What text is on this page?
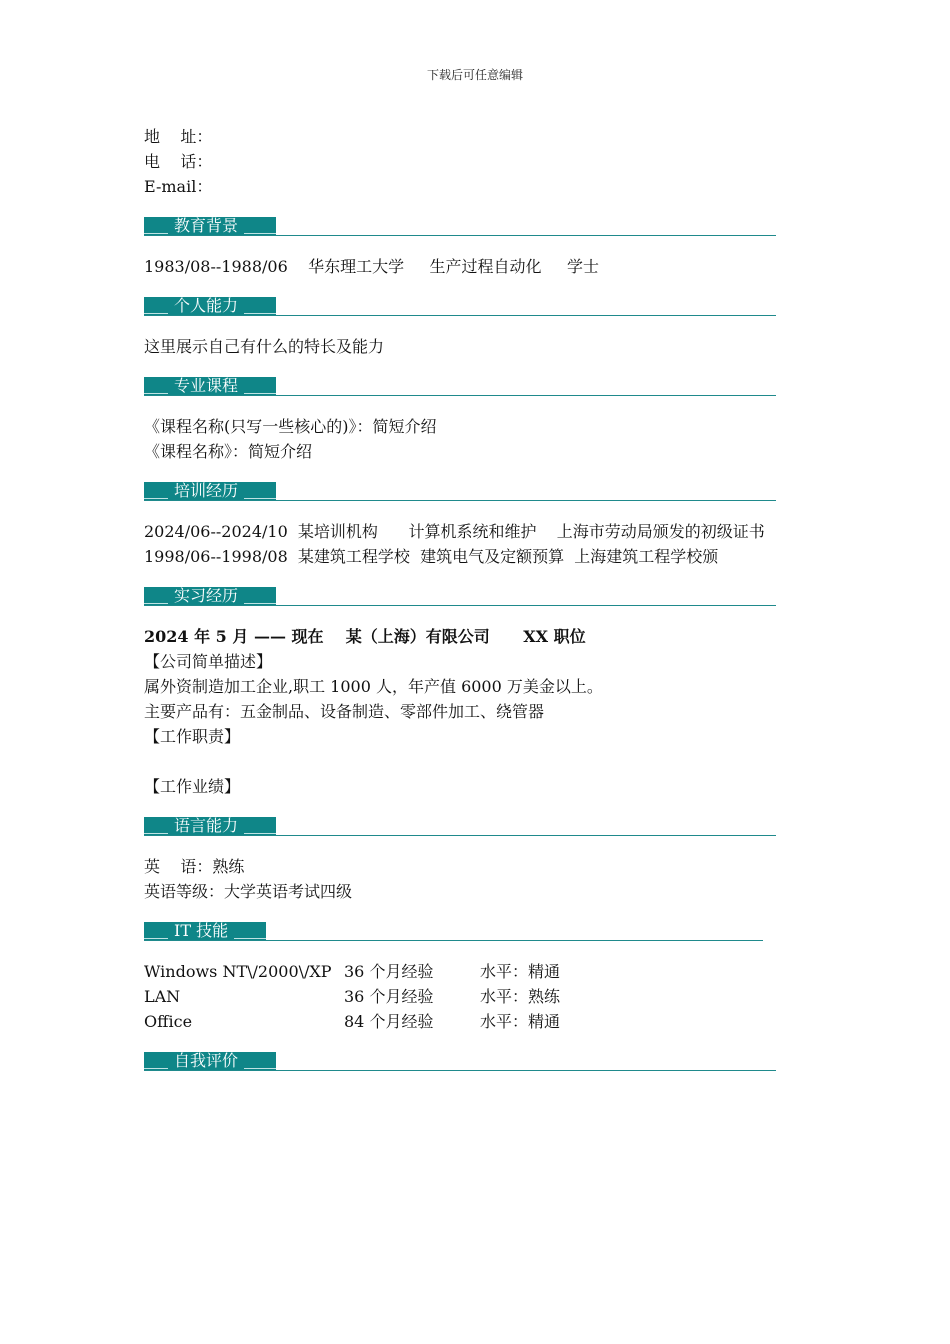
下载后可任意编辑
地    址：
电    话：
E-mail：
教育背景
1983/08--1988/06    华东理工大学     生产过程自动化     学士
个人能力
这里展示自己有什么的特长及能力
专业课程
《课程名称(只写一些核心的)》：简短介绍
《课程名称》：简短介绍
培训经历
2024/06--2024/10  某培训机构      计算机系统和维护    上海市劳动局颁发的初级证书
1998/06--1998/08  某建筑工程学校  建筑电气及定额预算  上海建筑工程学校颁
实习经历
2024 年 5 月 —— 现在    某（上海）有限公司      XX 职位
【公司简单描述】
属外资制造加工企业,职工 1000 人，年产值 6000 万美金以上。
主要产品有：五金制品、设备制造、零部件加工、绕管器
【工作职责】
【工作业绩】
语言能力
英    语：熟练
英语等级：大学英语考试四级
IT 技能
Windows NT\/2000\/XP 36 个月经验	水平：精通
LAN	36 个月经验	水平：熟练
Office	84 个月经验	水平：精通
自我评价
